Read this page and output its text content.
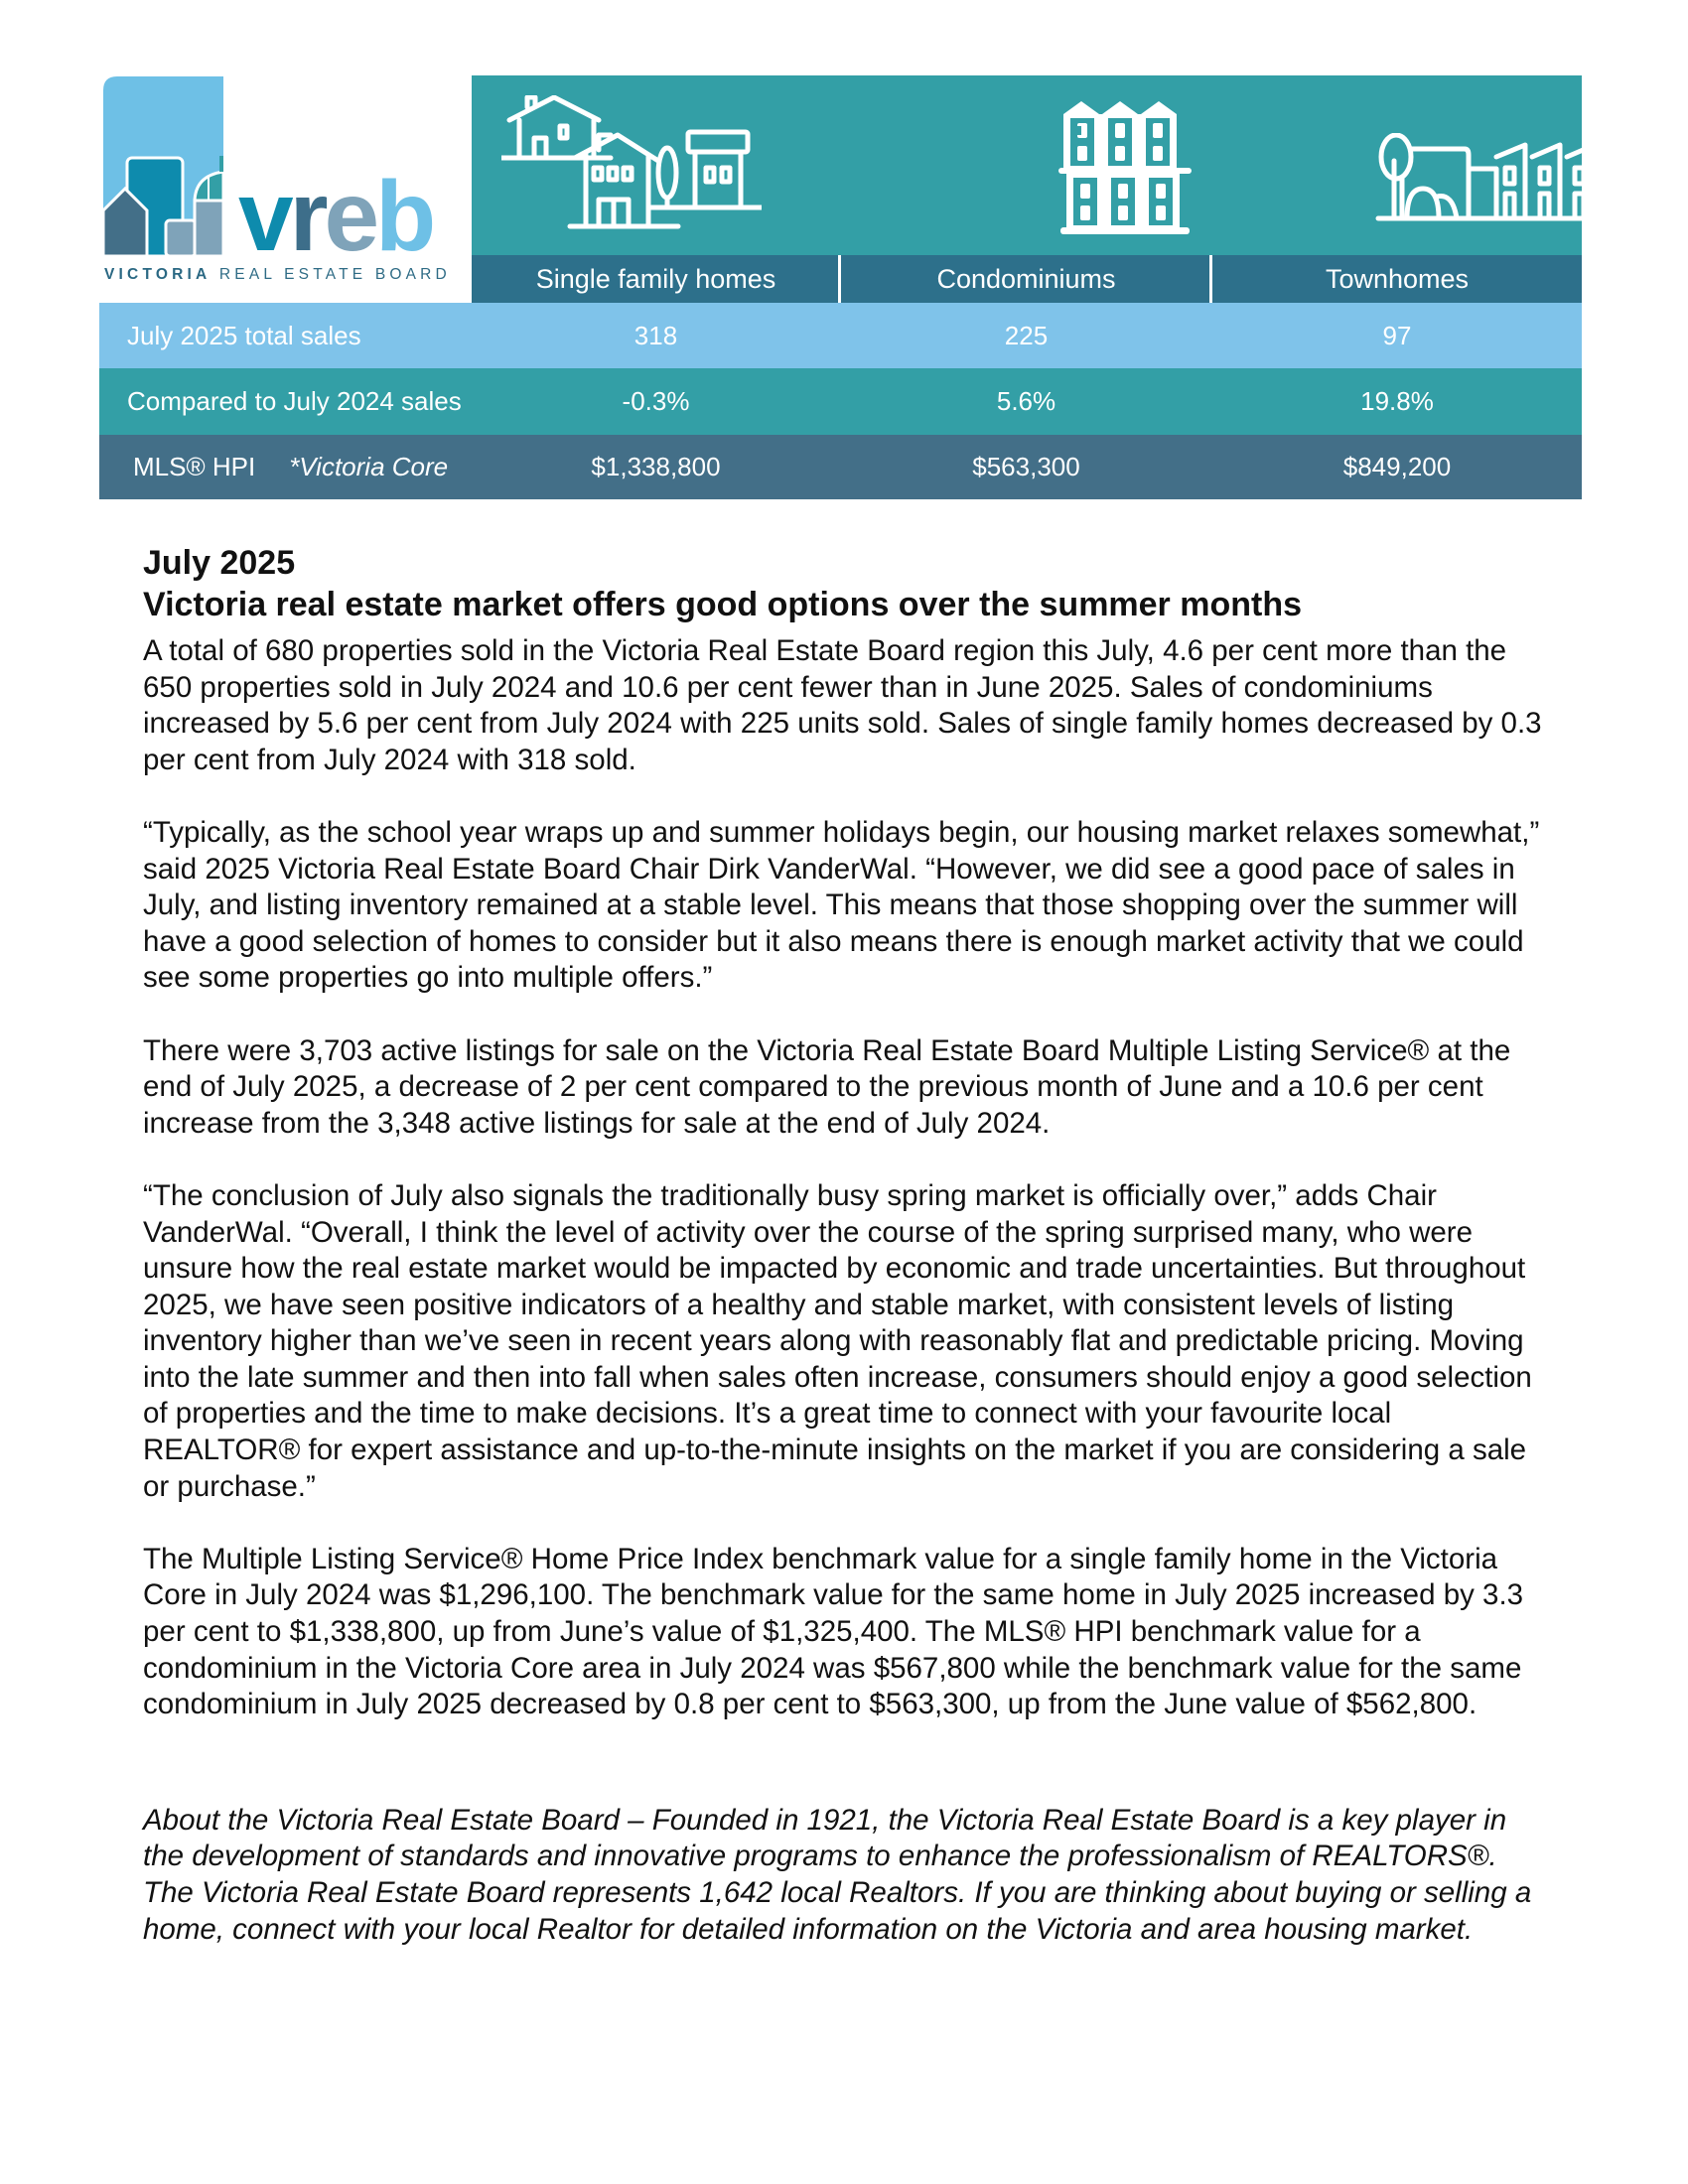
vreb
VICTORIA REAL ESTATE BOARD	Single family homes	Condominiums	Townhomes
July 2025 total sales	318	225	97
Compared to July 2024 sales	-0.3%	5.6%	19.8%
MLS® HPI *Victoria Core	$1,338,800	$563,300	$849,200
July 2025
Victoria real estate market offers good options over the summer months

A total of 680 properties sold in the Victoria Real Estate Board region this July, 4.6 per cent more than the 650 properties sold in July 2024 and 10.6 per cent fewer than in June 2025. Sales of condominiums increased by 5.6 per cent from July 2024 with 225 units sold. Sales of single family homes decreased by 0.3 per cent from July 2024 with 318 sold.

“Typically, as the school year wraps up and summer holidays begin, our housing market relaxes somewhat,” said 2025 Victoria Real Estate Board Chair Dirk VanderWal. “However, we did see a good pace of sales in July, and listing inventory remained at a stable level. This means that those shopping over the summer will have a good selection of homes to consider but it also means there is enough market activity that we could see some properties go into multiple offers.”

There were 3,703 active listings for sale on the Victoria Real Estate Board Multiple Listing Service® at the end of July 2025, a decrease of 2 per cent compared to the previous month of June and a 10.6 per cent increase from the 3,348 active listings for sale at the end of July 2024.

“The conclusion of July also signals the traditionally busy spring market is officially over,” adds Chair VanderWal. “Overall, I think the level of activity over the course of the spring surprised many, who were unsure how the real estate market would be impacted by economic and trade uncertainties. But throughout 2025, we have seen positive indicators of a healthy and stable market, with consistent levels of listing inventory higher than we’ve seen in recent years along with reasonably flat and predictable pricing. Moving into the late summer and then into fall when sales often increase, consumers should enjoy a good selection of properties and the time to make decisions. It’s a great time to connect with your favourite local REALTOR® for expert assistance and up-to-the-minute insights on the market if you are considering a sale or purchase.”

The Multiple Listing Service® Home Price Index benchmark value for a single family home in the Victoria Core in July 2024 was $1,296,100. The benchmark value for the same home in July 2025 increased by 3.3 per cent to $1,338,800, up from June’s value of $1,325,400. The MLS® HPI benchmark value for a condominium in the Victoria Core area in July 2024 was $567,800 while the benchmark value for the same condominium in July 2025 decreased by 0.8 per cent to $563,300, up from the June value of $562,800.

About the Victoria Real Estate Board – Founded in 1921, the Victoria Real Estate Board is a key player in the development of standards and innovative programs to enhance the professionalism of REALTORS®. The Victoria Real Estate Board represents 1,642 local Realtors. If you are thinking about buying or selling a home, connect with your local Realtor for detailed information on the Victoria and area housing market.
